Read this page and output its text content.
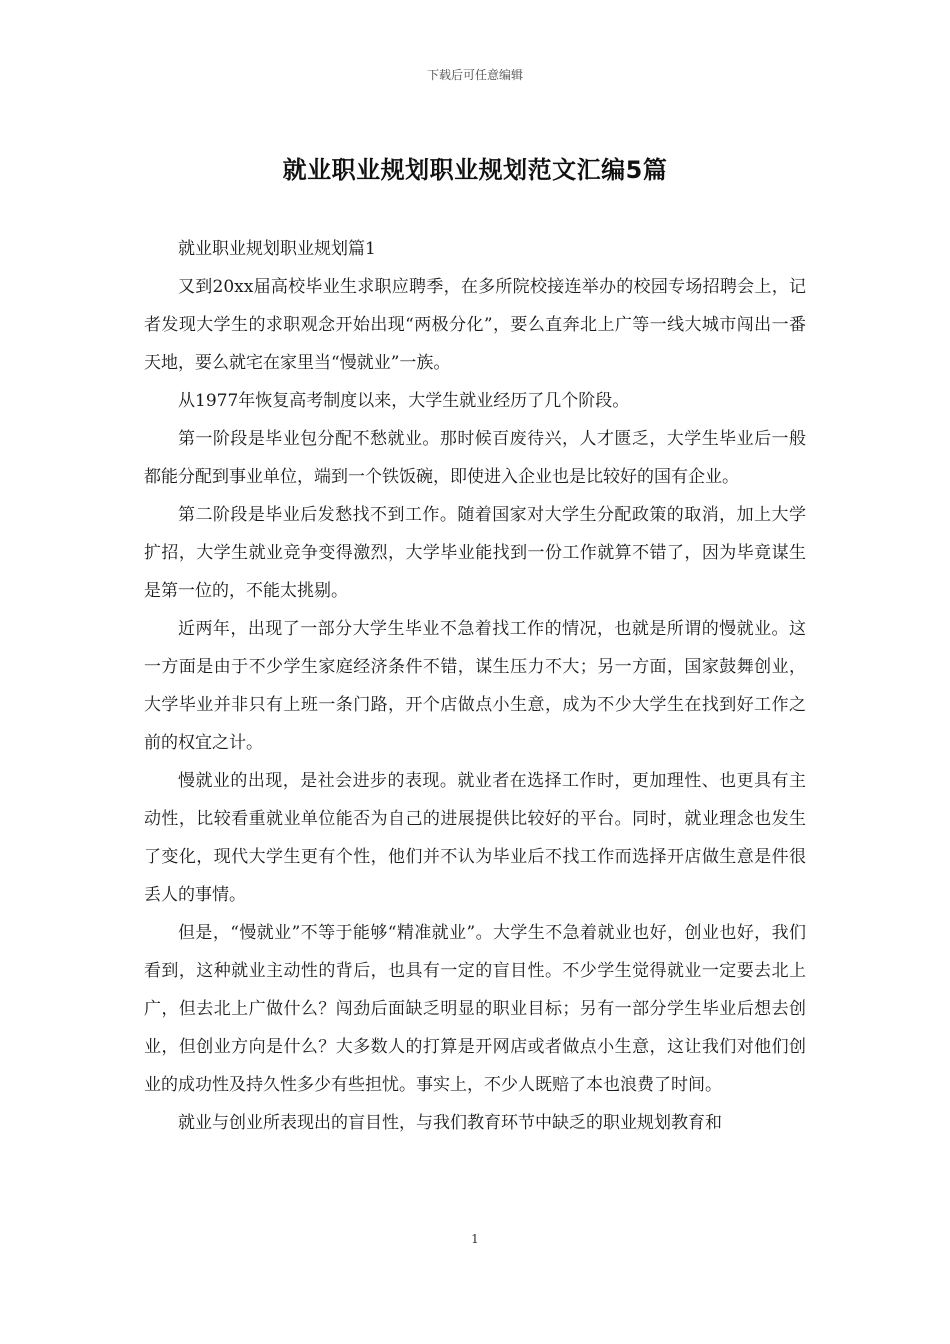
下载后可任意编辑
就业职业规划职业规划范文汇编5篇

就业职业规划职业规划篇1

又到20xx届高校毕业生求职应聘季，在多所院校接连举办的校园专场招聘会上，记者发现大学生的求职观念开始出现“两极分化”，要么直奔北上广等一线大城市闯出一番天地，要么就宅在家里当“慢就业”一族。

从1977年恢复高考制度以来，大学生就业经历了几个阶段。

第一阶段是毕业包分配不愁就业。那时候百废待兴，人才匮乏，大学生毕业后一般都能分配到事业单位，端到一个铁饭碗，即使进入企业也是比较好的国有企业。

第二阶段是毕业后发愁找不到工作。随着国家对大学生分配政策的取消，加上大学扩招，大学生就业竞争变得激烈，大学毕业能找到一份工作就算不错了，因为毕竟谋生是第一位的，不能太挑剔。

近两年，出现了一部分大学生毕业不急着找工作的情况，也就是所谓的慢就业。这一方面是由于不少学生家庭经济条件不错，谋生压力不大；另一方面，国家鼓舞创业，大学毕业并非只有上班一条门路，开个店做点小生意，成为不少大学生在找到好工作之前的权宜之计。

慢就业的出现，是社会进步的表现。就业者在选择工作时，更加理性、也更具有主动性，比较看重就业单位能否为自己的进展提供比较好的平台。同时，就业理念也发生了变化，现代大学生更有个性，他们并不认为毕业后不找工作而选择开店做生意是件很丢人的事情。

但是，“慢就业”不等于能够“精准就业”。大学生不急着就业也好，创业也好，我们看到，这种就业主动性的背后，也具有一定的盲目性。不少学生觉得就业一定要去北上广，但去北上广做什么？闯劲后面缺乏明显的职业目标；另有一部分学生毕业后想去创业，但创业方向是什么？大多数人的打算是开网店或者做点小生意，这让我们对他们创业的成功性及持久性多少有些担忧。事实上，不少人既赔了本也浪费了时间。

就业与创业所表现出的盲目性，与我们教育环节中缺乏的职业规划教育和

1
